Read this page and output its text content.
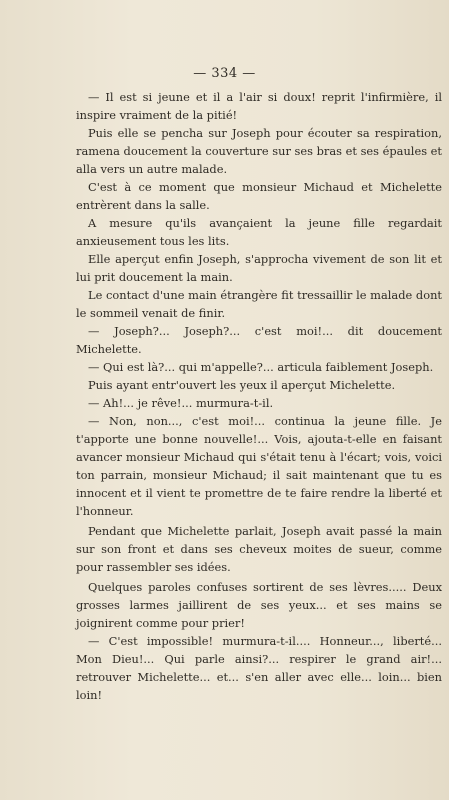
— 334 —

— Il est si jeune et il a l'air si doux! reprit l'infirmière, il inspire vraiment de la pitié!

Puis elle se pencha sur Joseph pour écouter sa respiration, ramena doucement la couverture sur ses bras et ses épaules et alla vers un autre malade.

C'est à ce moment que monsieur Michaud et Michelette entrèrent dans la salle.

A mesure qu'ils avançaient la jeune fille regardait anxieusement tous les lits.

Elle aperçut enfin Joseph, s'approcha vivement de son lit et lui prit doucement la main.

Le contact d'une main étrangère fit tressaillir le malade dont le sommeil venait de finir.

— Joseph?... Joseph?... c'est moi!... dit doucement Michelette.

— Qui est là?... qui m'appelle?... articula faiblement Joseph.

Puis ayant entr'ouvert les yeux il aperçut Michelette.

— Ah!... je rêve!... murmura-t-il.

— Non, non..., c'est moi!... continua la jeune fille. Je t'apporte une bonne nouvelle!... Vois, ajouta-t-elle en faisant avancer monsieur Michaud qui s'était tenu à l'écart; vois, voici ton parrain, monsieur Michaud; il sait maintenant que tu es innocent et il vient te promettre de te faire rendre la liberté et l'honneur.

Pendant que Michelette parlait, Joseph avait passé la main sur son front et dans ses cheveux moites de sueur, comme pour rassembler ses idées.

Quelques paroles confuses sortirent de ses lèvres..... Deux grosses larmes jaillirent de ses yeux... et ses mains se joignirent comme pour prier!

— C'est impossible! murmura-t-il.... Honneur..., liberté... Mon Dieu!... Qui parle ainsi?... respirer le grand air!... retrouver Michelette... et... s'en aller avec elle... loin... bien loin!
